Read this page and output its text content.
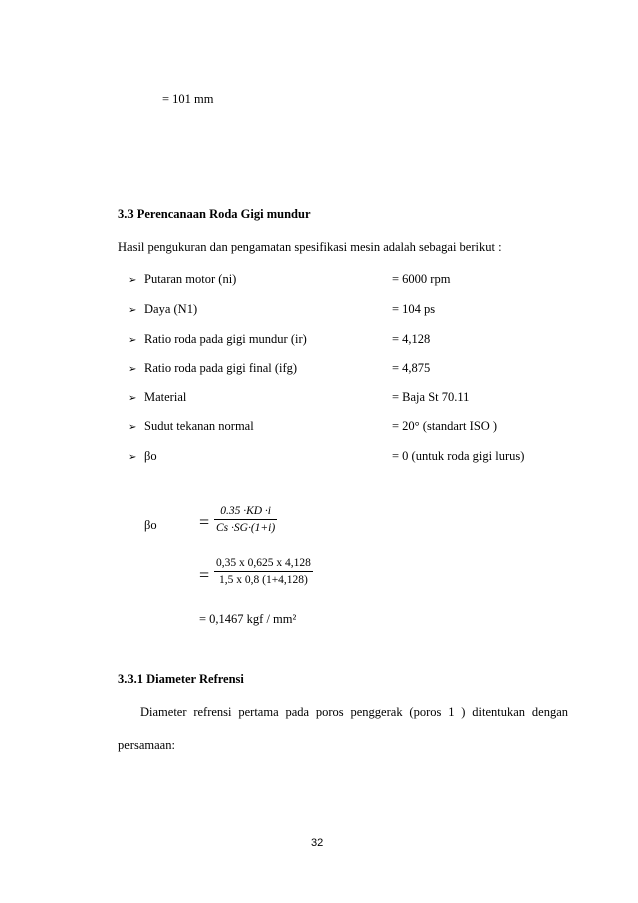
= 101 mm
3.3 Perencanaan Roda Gigi mundur
Hasil pengukuran dan pengamatan spesifikasi mesin adalah sebagai berikut :
➢ Putaran motor (ni)	= 6000 rpm
➢ Daya (N1)	= 104 ps
➢ Ratio roda pada gigi mundur (ir)	= 4,128
➢ Ratio roda pada gigi final (ifg)	= 4,875
➢ Material	= Baja St 70.11
➢ Sudut tekanan normal	= 20° (standart ISO )
➢ βo	= 0 (untuk roda gigi lurus)
$\beta o = \frac{0.35 \cdot KD \cdot i}{Cs \cdot SG\cdot(1+i)}$
= $\frac{0,35 x 0,625 x 4,128}{1,5 x 0,8 (1+4,128)}$
= 0,1467 kgf / mm²
3.3.1 Diameter Refrensi
Diameter refrensi pertama pada poros penggerak (poros 1 ) ditentukan dengan
persamaan:
32
